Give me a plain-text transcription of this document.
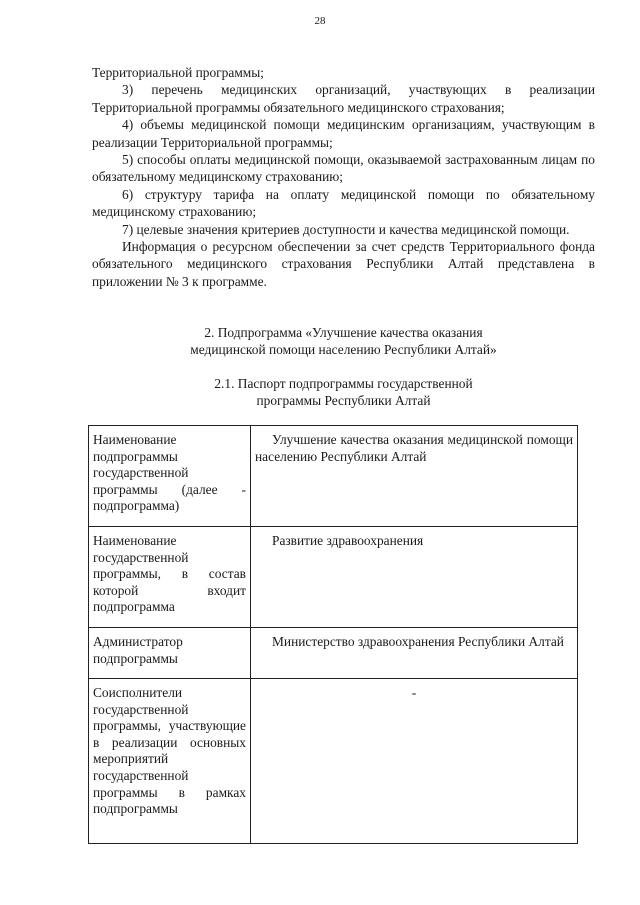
28

Территориальной программы;

3) перечень медицинских организаций, участвующих в реализации Территориальной программы обязательного медицинского страхования;

4) объемы медицинской помощи медицинским организациям, участвующим в реализации Территориальной программы;

5) способы оплаты медицинской помощи, оказываемой застрахованным лицам по обязательному медицинскому страхованию;

6) структуру тарифа на оплату медицинской помощи по обязательному медицинскому страхованию;

7) целевые значения критериев доступности и качества медицинской помощи.

Информация о ресурсном обеспечении за счет средств Территориального фонда обязательного медицинского страхования Республики Алтай представлена в приложении № 3 к программе.

2. Подпрограмма «Улучшение качества оказания
медицинской помощи населению Республики Алтай»
2.1. Паспорт подпрограммы государственной
программы Республики Алтай
Наименование подпрограммы государственной программы (далее - подпрограмма)	Улучшение качества оказания медицинской помощи населению Республики Алтай

Наименование государственной программы, в состав которой входит подпрограмма	Развитие здравоохранения

Администратор подпрограммы	Министерство здравоохранения Республики Алтай

Соисполнители государственной программы, участвующие в реализации основных мероприятий государственной программы в рамках подпрограммы	-
